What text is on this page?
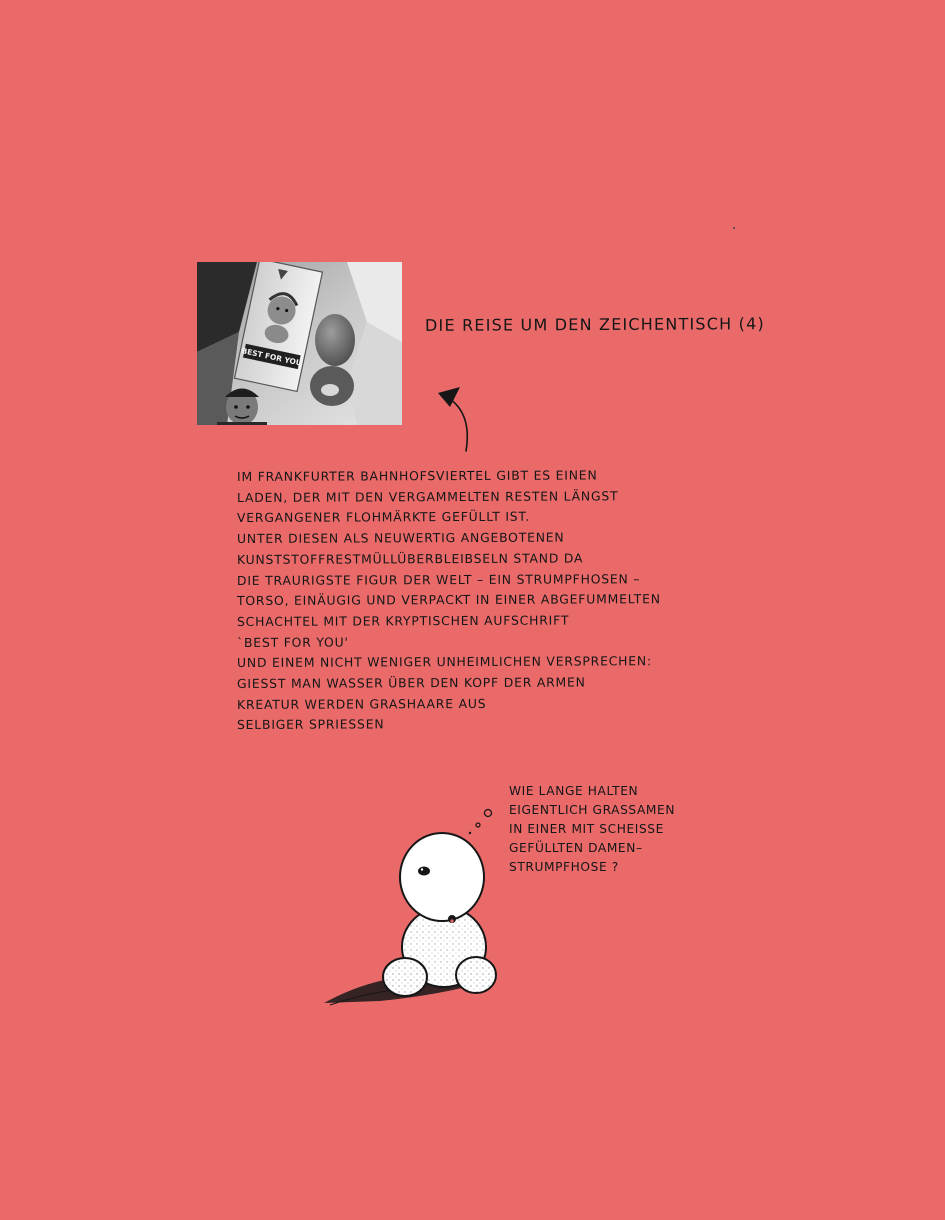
BEST FOR YOU
DIE REISE UM DEN ZEICHENTISCH (4)
IM FRANKFURTER BAHNHOFSVIERTEL GIBT ES EINEN
LADEN, DER MIT DEN VERGAMMELTEN RESTEN LÄNGST
VERGANGENER FLOHMÄRKTE GEFÜLLT IST.
UNTER DIESEN ALS NEUWERTIG ANGEBOTENEN
KUNSTSTOFFRESTMÜLLÜBERBLEIBSELN STAND DA
DIE TRAURIGSTE FIGUR DER WELT – EIN STRUMPFHOSEN –
TORSO, EINÄUGIG UND VERPACKT IN EINER ABGEFUMMELTEN
SCHACHTEL MIT DER KRYPTISCHEN AUFSCHRIFT
`BEST FOR YOU'
UND EINEM NICHT WENIGER UNHEIMLICHEN VERSPRECHEN:
GIESST MAN WASSER ÜBER DEN KOPF DER ARMEN
KREATUR WERDEN GRASHAARE AUS
SELBIGER SPRIESSEN
WIE LANGE HALTEN
EIGENTLICH GRASSAMEN
IN EINER MIT SCHEISSE
GEFÜLLTEN DAMEN–
STRUMPFHOSE ?
